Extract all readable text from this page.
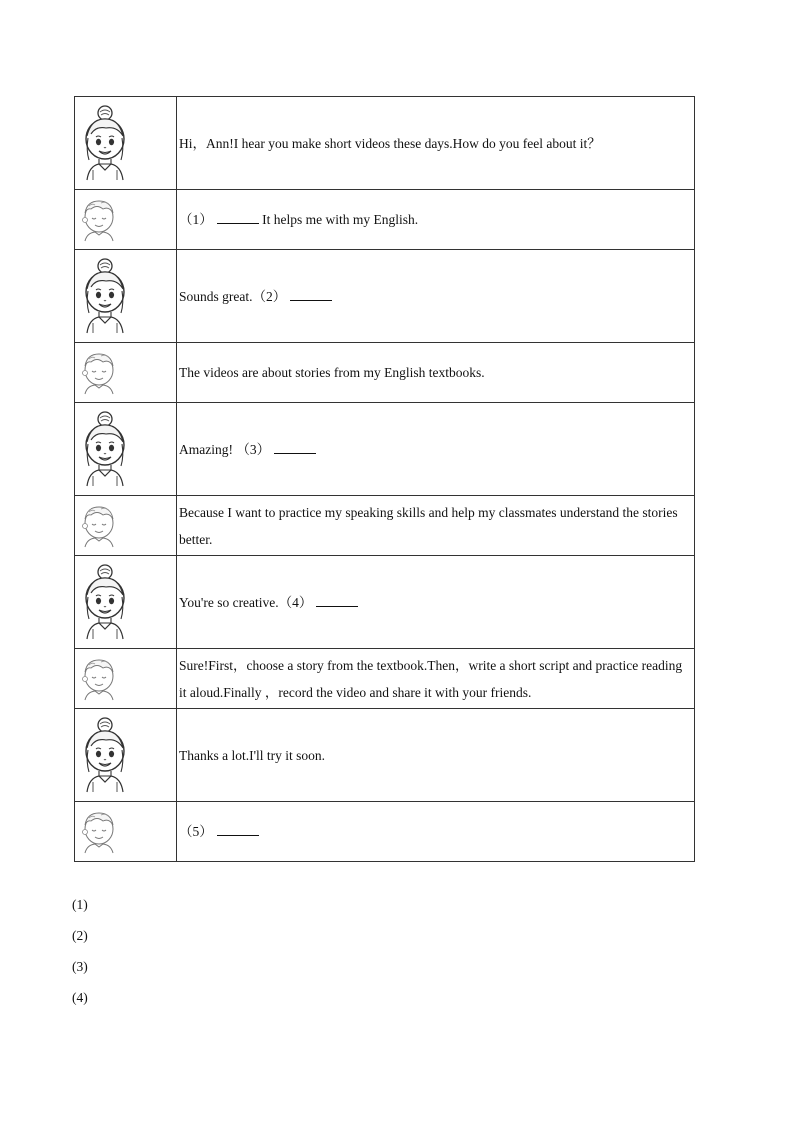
	Hi，Ann!I hear you make short videos these days.How do you feel about it？

	（1） It helps me with my English.

	Sounds great.（2）

	The videos are about stories from my English textbooks.

	Amazing! （3）

	Because I want to practice my speaking skills and help my classmates understand the stories better.

	You're so creative.（4）

	Sure!First，choose a story from the textbook.Then，write a short script and practice reading it aloud.Finally ，record the video and share it with your friends.

	Thanks a lot.I'll try it soon.

	（5）
(1)
(2)
(3)
(4)
